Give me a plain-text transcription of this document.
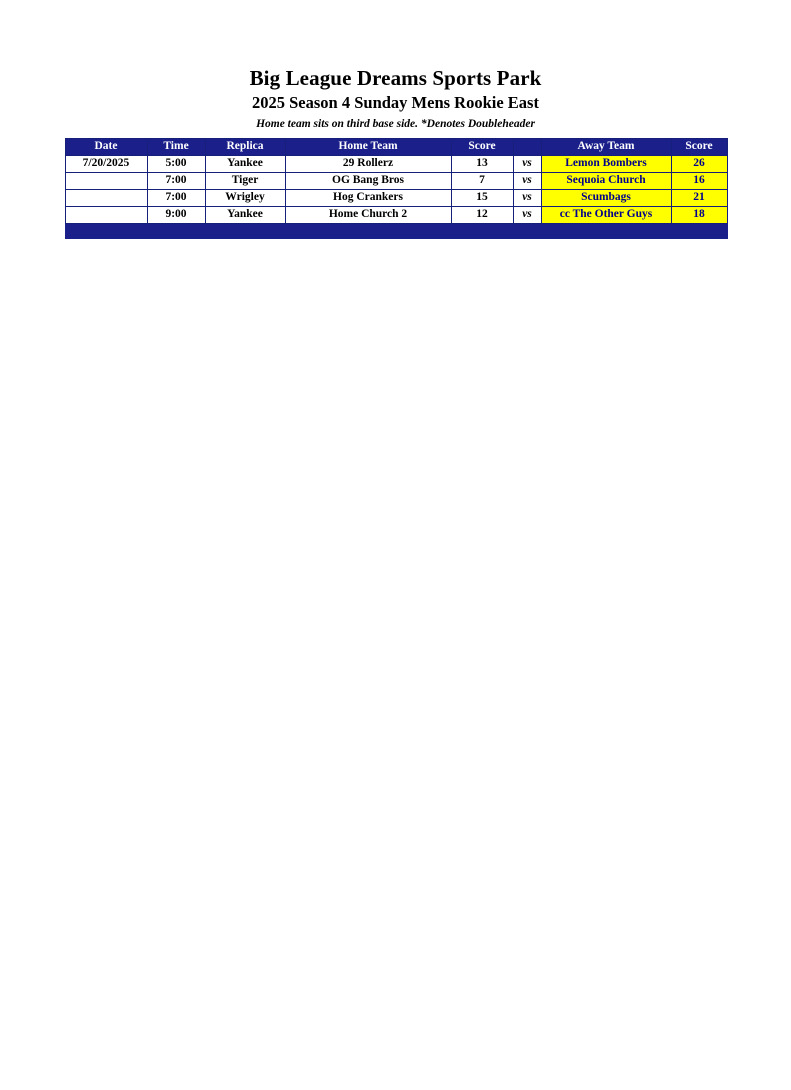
Big League Dreams Sports Park
2025 Season 4 Sunday Mens Rookie East
Home team sits on third base side. *Denotes Doubleheader
Date	Time	Replica	Home Team	Score		Away Team	Score
7/20/2025	5:00	Yankee	29 Rollerz	13	vs	Lemon Bombers	26
	7:00	Tiger	OG Bang Bros	7	vs	Sequoia Church	16
	7:00	Wrigley	Hog Crankers	15	vs	Scumbags	21
	9:00	Yankee	Home Church 2	12	vs	cc The Other Guys	18
